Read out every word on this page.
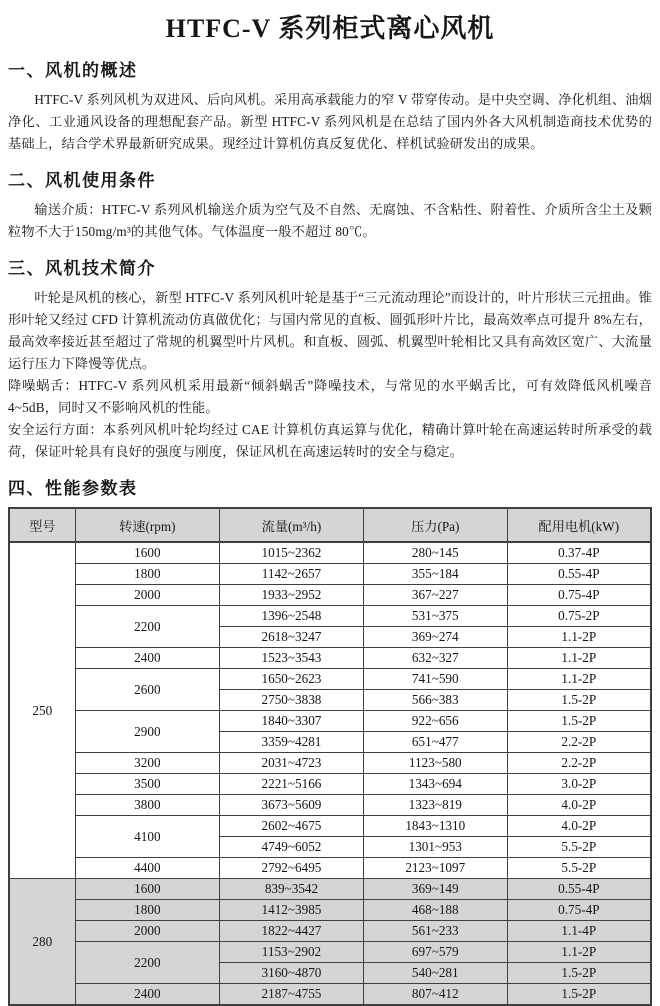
HTFC-V 系列柜式离心风机
一、风机的概述

HTFC-V 系列风机为双进风、后向风机。采用高承载能力的窄 V 带穿传动。是中央空调、净化机组、油烟净化、工业通风设备的理想配套产品。新型 HTFC-V 系列风机是在总结了国内外各大风机制造商技术优势的基础上，结合学术界最新研究成果。现经过计算机仿真反复优化、样机试验研发出的成果。

二、风机使用条件

输送介质：HTFC-V 系列风机输送介质为空气及不自然、无腐蚀、不含粘性、附着性、介质所含尘土及颗粒物不大于150mg/m³的其他气体。气体温度一般不超过 80℃。

三、风机技术简介

叶轮是风机的核心，新型 HTFC-V 系列风机叶轮是基于“三元流动理论”而设计的，叶片形状三元扭曲。锥形叶轮又经过 CFD 计算机流动仿真做优化；与国内常见的直板、圆弧形叶片比，最高效率点可提升 8%左右，最高效率接近甚至超过了常规的机翼型叶片风机。和直板、圆弧、机翼型叶轮相比又具有高效区宽广、大流量运行压力下降慢等优点。

降噪蜗舌：HTFC-V 系列风机采用最新“倾斜蜗舌”降噪技术，与常见的水平蜗舌比，可有效降低风机噪音 4~5dB，同时又不影响风机的性能。

安全运行方面：本系列风机叶轮均经过 CAE 计算机仿真运算与优化，精确计算叶轮在高速运转时所承受的载荷，保证叶轮具有良好的强度与刚度，保证风机在高速运转时的安全与稳定。

四、性能参数表
型号	转速(rpm)	流量(m³/h)	压力(Pa)	配用电机(kW)
250	1600	1015~2362	280~145	0.37-4P
	1800	1142~2657	355~184	0.55-4P
	2000	1933~2952	367~227	0.75-4P
	2200	1396~2548	531~375	0.75-2P
		2618~3247	369~274	1.1-2P
	2400	1523~3543	632~327	1.1-2P
	2600	1650~2623	741~590	1.1-2P
		2750~3838	566~383	1.5-2P
	2900	1840~3307	922~656	1.5-2P
		3359~4281	651~477	2.2-2P
	3200	2031~4723	1123~580	2.2-2P
	3500	2221~5166	1343~694	3.0-2P
	3800	3673~5609	1323~819	4.0-2P
	4100	2602~4675	1843~1310	4.0-2P
		4749~6052	1301~953	5.5-2P
	4400	2792~6495	2123~1097	5.5-2P
280	1600	839~3542	369~149	0.55-4P
	1800	1412~3985	468~188	0.75-4P
	2000	1822~4427	561~233	1.1-4P
	2200	1153~2902	697~579	1.1-2P
		3160~4870	540~281	1.5-2P
	2400	2187~4755	807~412	1.5-2P
